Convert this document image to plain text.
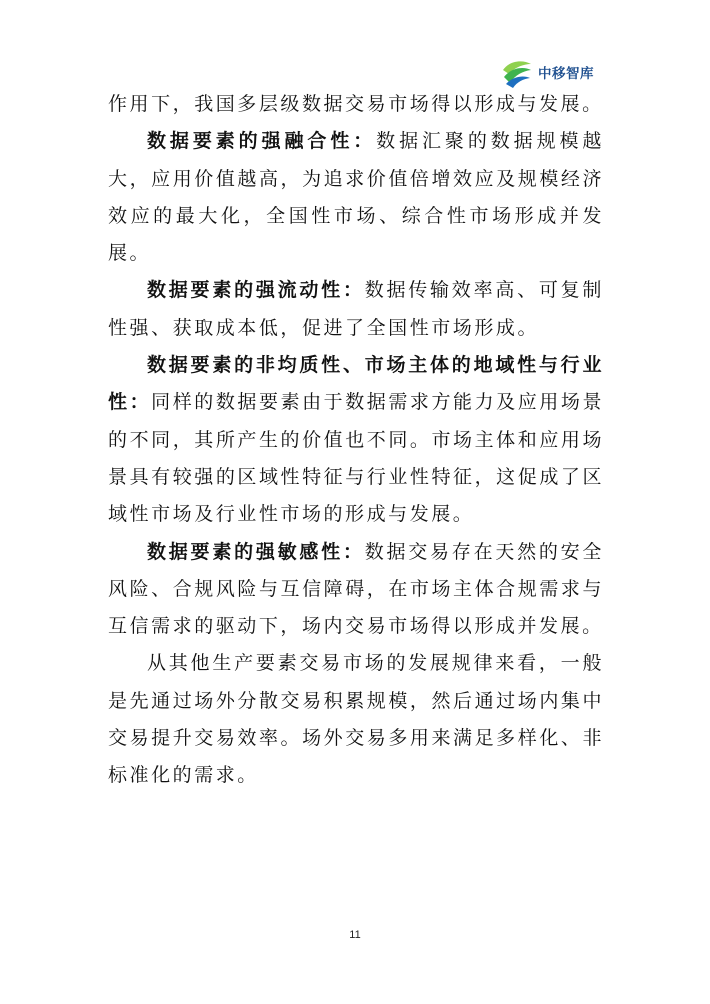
中移智库

作用下，我国多层级数据交易市场得以形成与发展。

数据要素的强融合性：数据汇聚的数据规模越大，应用价值越高，为追求价值倍增效应及规模经济效应的最大化，全国性市场、综合性市场形成并发展。

数据要素的强流动性：数据传输效率高、可复制性强、获取成本低，促进了全国性市场形成。

数据要素的非均质性、市场主体的地域性与行业性：同样的数据要素由于数据需求方能力及应用场景的不同，其所产生的价值也不同。市场主体和应用场景具有较强的区域性特征与行业性特征，这促成了区域性市场及行业性市场的形成与发展。

数据要素的强敏感性：数据交易存在天然的安全风险、合规风险与互信障碍，在市场主体合规需求与互信需求的驱动下，场内交易市场得以形成并发展。

从其他生产要素交易市场的发展规律来看，一般是先通过场外分散交易积累规模，然后通过场内集中交易提升交易效率。场外交易多用来满足多样化、非标准化的需求。

11
